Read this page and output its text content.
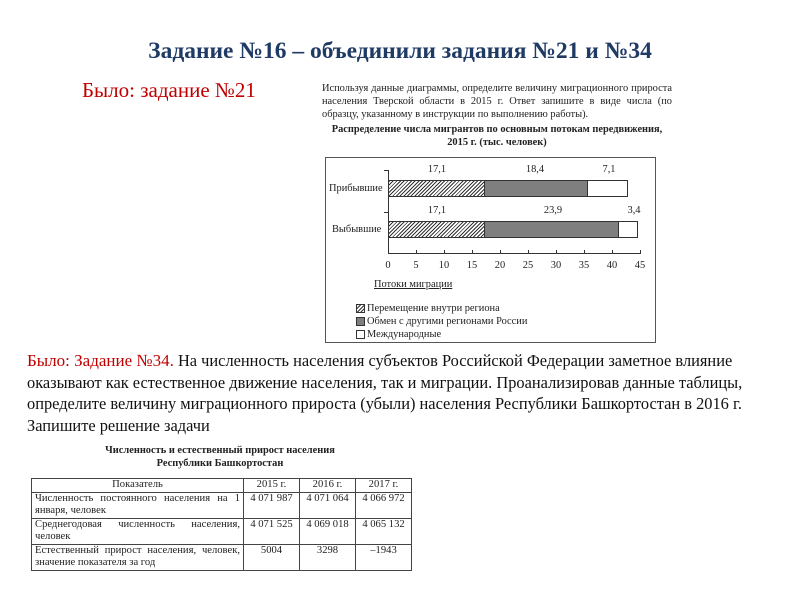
Задание №16 – объединили задания №21 и №34
Было: задание №21	Используя данные диаграммы, определите величину миграционного прироста населения Тверской области в 2015 г. Ответ запишите в виде числа (по образцу, указанному в инструкции по выполнению работы).
Распределение числа мигрантов по основным потокам передвижения, 2015 г. (тыс. человек)
Прибывшие
Выбывшие
17,1	18,4	7,1
17,1	23,9	3,4
0	5	10	15	20	25	30	35	40	45
Потоки миграции
Перемещение внутри региона
Обмен с другими регионами России
Международные
Было: Задание №34. На численность населения субъектов Российской Федерации заметное влияние оказывают как естественное движение населения, так и миграции. Проанализировав данные таблицы, определите величину миграционного прироста (убыли) населения Республики Башкортостан в 2016 г. Запишите решение задачи
Численность и естественный прирост населения
Республики Башкортостан
Показатель	2015 г.	2016 г.	2017 г.
Численность постоянного населения на 1 января, человек	4 071 987	4 071 064	4 066 972
Среднегодовая численность населения, человек	4 071 525	4 069 018	4 065 132
Естественный прирост населения, человек, значение показателя за год	5004	3298	–1943
